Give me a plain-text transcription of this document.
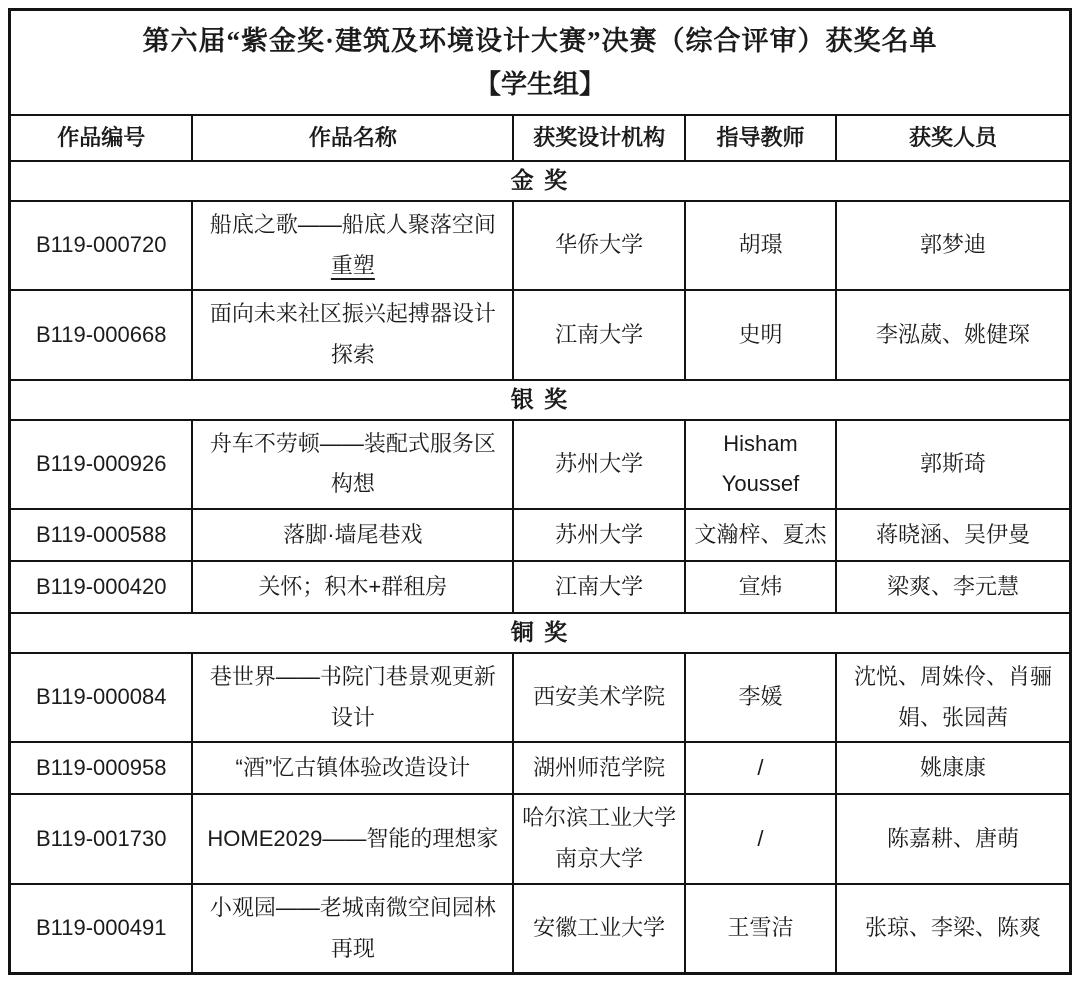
第六届“紫金奖·建筑及环境设计大赛”决赛（综合评审）获奖名单
【学生组】				

作品编号	作品名称	获奖设计机构	指导教师	获奖人员
金 奖				
B119-000720	船底之歌——船底人聚落空间重塑	华侨大学	胡璟	郭梦迪
B119-000668	面向未来社区振兴起搏器设计探索	江南大学	史明	李泓葳、姚健琛
银 奖				
B119-000926	舟车不劳顿——装配式服务区构想	苏州大学	Hisham Youssef	郭斯琦
B119-000588	落脚·墙尾巷戏	苏州大学	文瀚梓、夏杰	蒋晓涵、吴伊曼
B119-000420	关怀；积木+群租房	江南大学	宣炜	梁爽、李元慧
铜 奖				
B119-000084	巷世界——书院门巷景观更新设计	西安美术学院	李媛	沈悦、周姝伶、肖骊娟、张园茜
B119-000958	“酒”忆古镇体验改造设计	湖州师范学院	/	姚康康
B119-001730	HOME2029——智能的理想家	哈尔滨工业大学 南京大学	/	陈嘉耕、唐萌
B119-000491	小观园——老城南微空间园林再现	安徽工业大学	王雪洁	张琼、李梁、陈爽
